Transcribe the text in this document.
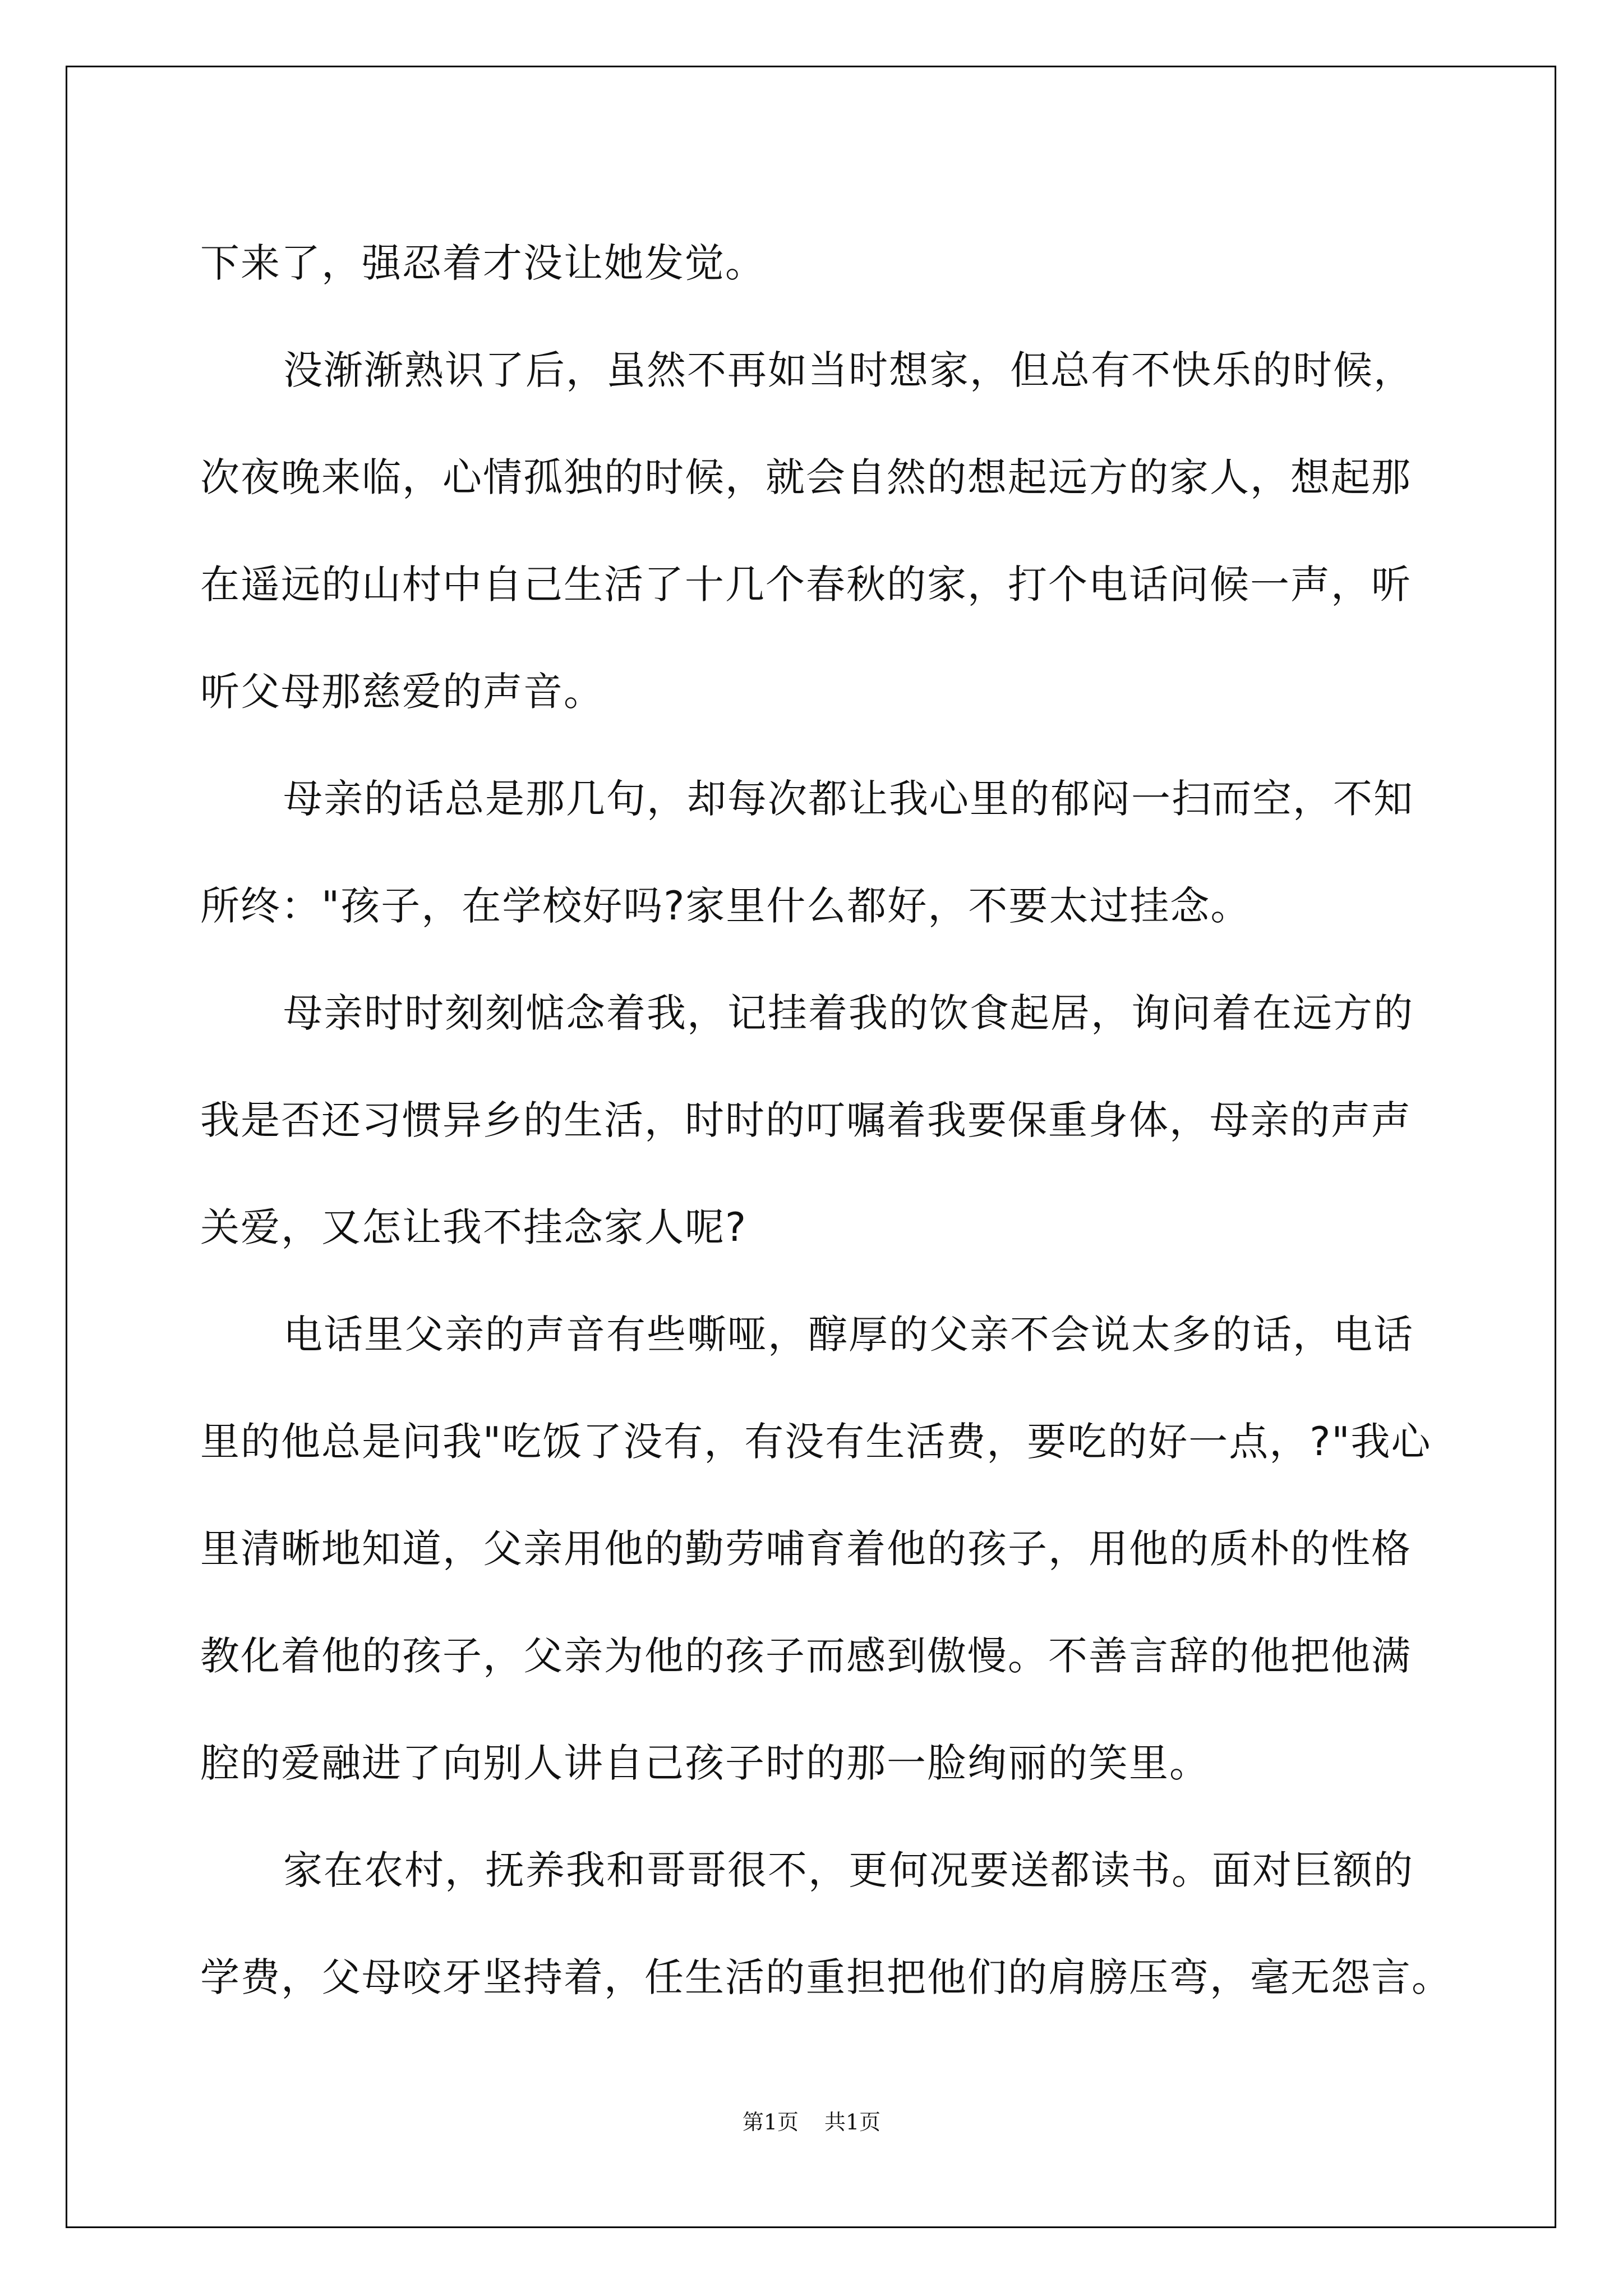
下来了，强忍着才没让她发觉。
没渐渐熟识了后，虽然不再如当时想家，但总有不快乐的时候，
次夜晚来临，心情孤独的时候，就会自然的想起远方的家人，想起那
在遥远的山村中自己生活了十几个春秋的家，打个电话问候一声，听
听父母那慈爱的声音。
母亲的话总是那几句，却每次都让我心里的郁闷一扫而空，不知
所终："孩子，在学校好吗?家里什么都好，不要太过挂念。
母亲时时刻刻惦念着我，记挂着我的饮食起居，询问着在远方的
我是否还习惯异乡的生活，时时的叮嘱着我要保重身体，母亲的声声
关爱，又怎让我不挂念家人呢?
电话里父亲的声音有些嘶哑，醇厚的父亲不会说太多的话，电话
里的他总是问我"吃饭了没有，有没有生活费，要吃的好一点，?"我心
里清晰地知道，父亲用他的勤劳哺育着他的孩子，用他的质朴的性格
教化着他的孩子，父亲为他的孩子而感到傲慢。不善言辞的他把他满
腔的爱融进了向别人讲自己孩子时的那一脸绚丽的笑里。
家在农村，抚养我和哥哥很不，更何况要送都读书。面对巨额的
学费，父母咬牙坚持着，任生活的重担把他们的肩膀压弯，毫无怨言。
第1页 共1页
